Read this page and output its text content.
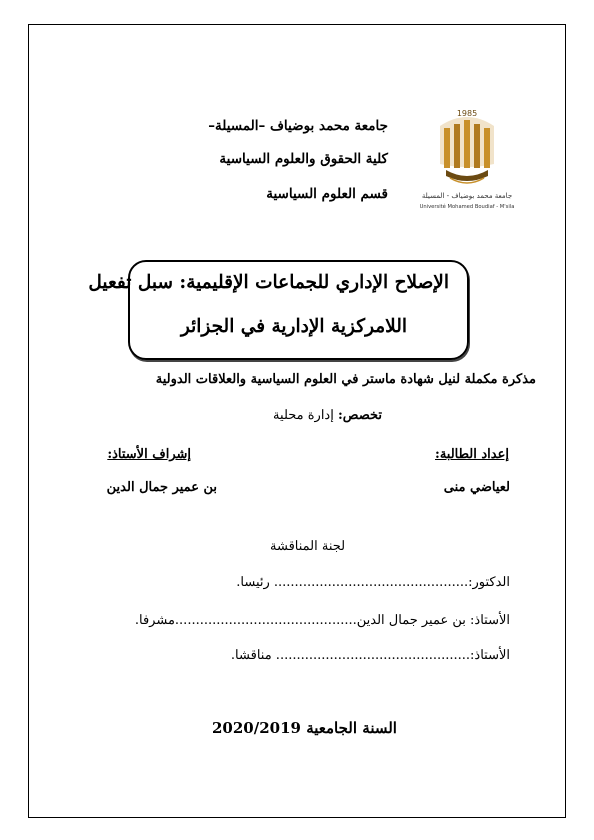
1985
جامعة محمد بوضياف - المسيلة
Université Mohamed Boudiaf - M'sila
جامعة محمد بوضياف –المسيلة–
كلية الحقوق والعلوم السياسية
قسم العلوم السياسية
الإصلاح الإداري للجماعات الإقليمية: سبل تفعيل
اللامركزية الإدارية في الجزائر
مذكرة مكملة لنيل شهادة ماستر في العلوم السياسية والعلاقات الدولية
تخصص: إدارة محلية
إعداد الطالبة:
لعياضي منى
إشراف الأستاذ:
بن عمير جمال الدين
لجنة المناقشة
الدكتور:............................................... رئيسا.
الأستاذ: بن عمير جمال الدين............................................مشرفا.
الأستاذ:............................................... مناقشا.
السنة الجامعية 2020/2019
